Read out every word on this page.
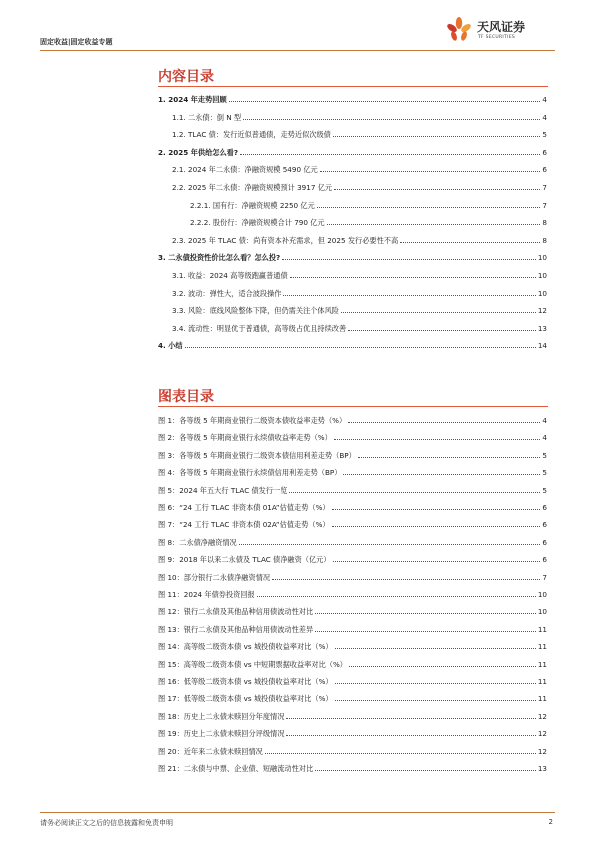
固定收益|固定收益专题
天风证券
TF SECURITIES
内容目录
1. 2024 年走势回顾	4
1.1. 二永债：倒 N 型	4
1.2. TLAC 债：发行近似普通债，走势近似次级债	5
2. 2025 年供给怎么看?	6
2.1. 2024 年二永债：净融资规模 5490 亿元	6
2.2. 2025 年二永债：净融资规模预计 3917 亿元	7
2.2.1. 国有行：净融资规模 2250 亿元	7
2.2.2. 股份行：净融资规模合计 790 亿元	8
2.3. 2025 年 TLAC 债：尚有资本补充需求，但 2025 发行必要性不高	8
3. 二永债投资性价比怎么看？怎么投?	10
3.1. 收益：2024 高等级跑赢普通债	10
3.2. 波动：弹性大，适合波段操作	10
3.3. 风险：底线风险整体下降，但仍需关注个体风险	12
3.4. 流动性：明显优于普通债，高等级占优且持续改善	13
4. 小结	14
图表目录
图 1：各等级 5 年期商业银行二级资本债收益率走势（%）	4
图 2：各等级 5 年期商业银行永续债收益率走势（%）	4
图 3：各等级 5 年期商业银行二级资本债信用利差走势（BP）	5
图 4：各等级 5 年期商业银行永续债信用利差走势（BP）	5
图 5：2024 年五大行 TLAC 债发行一览	5
图 6：“24 工行 TLAC 非资本债 01A”估值走势（%）	6
图 7：“24 工行 TLAC 非资本债 02A”估值走势（%）	6
图 8：二永债净融资情况	6
图 9：2018 年以来二永债及 TLAC 债净融资（亿元）	6
图 10：部分银行二永债净融资情况	7
图 11：2024 年债券投资回报	10
图 12：银行二永债及其他品种信用债波动性对比	10
图 13：银行二永债及其他品种信用债波动性差异	11
图 14：高等级二级资本债 vs 城投债收益率对比（%）	11
图 15：高等级二级资本债 vs 中短期票据收益率对比（%）	11
图 16：低等级二级资本债 vs 城投债收益率对比（%）	11
图 17：低等级二级资本债 vs 城投债收益率对比（%）	11
图 18：历史上二永债未赎回分年度情况	12
图 19：历史上二永债未赎回分评级情况	12
图 20：近年来二永债未赎回情况	12
图 21：二永债与中票、企业债、短融流动性对比	13
请务必阅读正文之后的信息披露和免责申明	2
